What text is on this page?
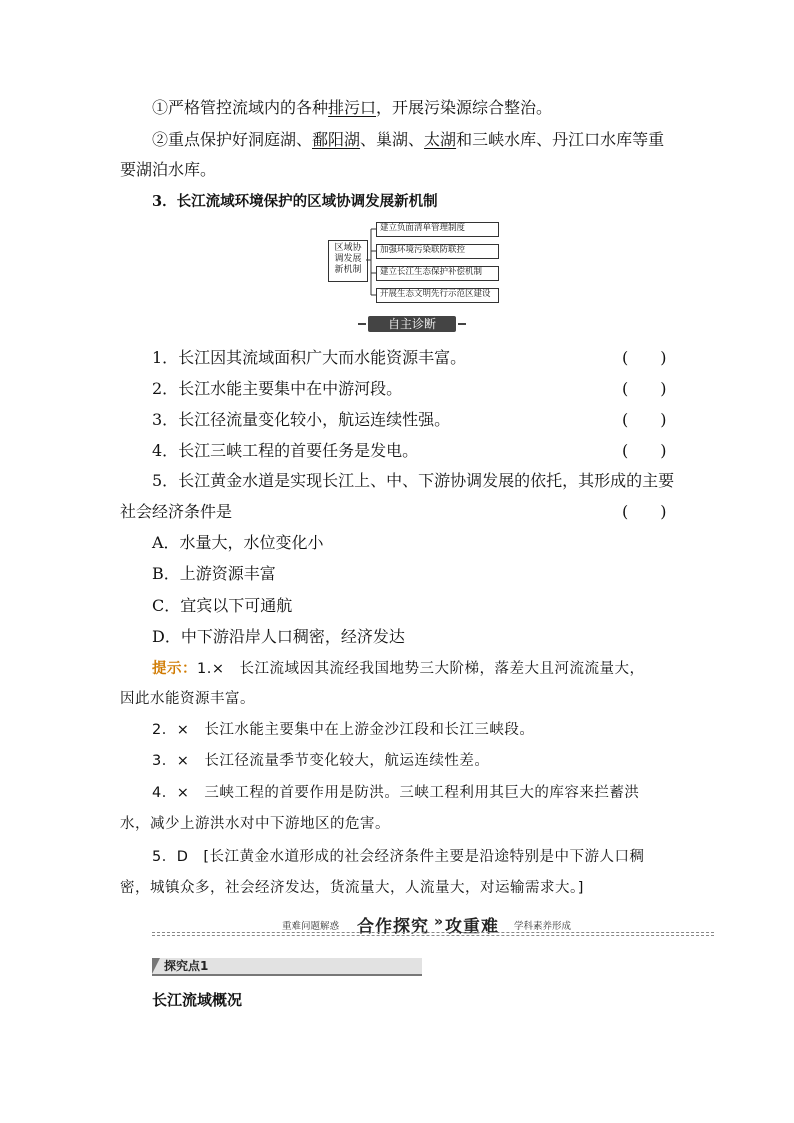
①严格管控流域内的各种排污口，开展污染源综合整治。
②重点保护好洞庭湖、鄱阳湖、巢湖、太湖和三峡水库、丹江口水库等重
要湖泊水库。
3．长江流域环境保护的区域协调发展新机制
区域协
调发展
新机制
建立负面清单管理制度
加强环境污染联防联控
建立长江生态保护补偿机制
开展生态文明先行示范区建设
自主诊断
1．长江因其流域面积广大而水能资源丰富。	(　　)
2．长江水能主要集中在中游河段。	(　　)
3．长江径流量变化较小，航运连续性强。	(　　)
4．长江三峡工程的首要任务是发电。	(　　)
5．长江黄金水道是实现长江上、中、下游协调发展的依托，其形成的主要
社会经济条件是	(　　)
A．水量大，水位变化小
B．上游资源丰富
C．宜宾以下可通航
D．中下游沿岸人口稠密，经济发达
提示：1.×　长江流域因其流经我国地势三大阶梯，落差大且河流流量大，
因此水能资源丰富。
2．×　长江水能主要集中在上游金沙江段和长江三峡段。
3．×　长江径流量季节变化较大，航运连续性差。
4．×　三峡工程的首要作用是防洪。三峡工程利用其巨大的库容来拦蓄洪
水，减少上游洪水对中下游地区的危害。
5．D　[长江黄金水道形成的社会经济条件主要是沿途特别是中下游人口稠
密，城镇众多，社会经济发达，货流量大，人流量大，对运输需求大。]
重难问题解惑 合作探究 » 攻重难 学科素养形成
探究点1
长江流域概况
